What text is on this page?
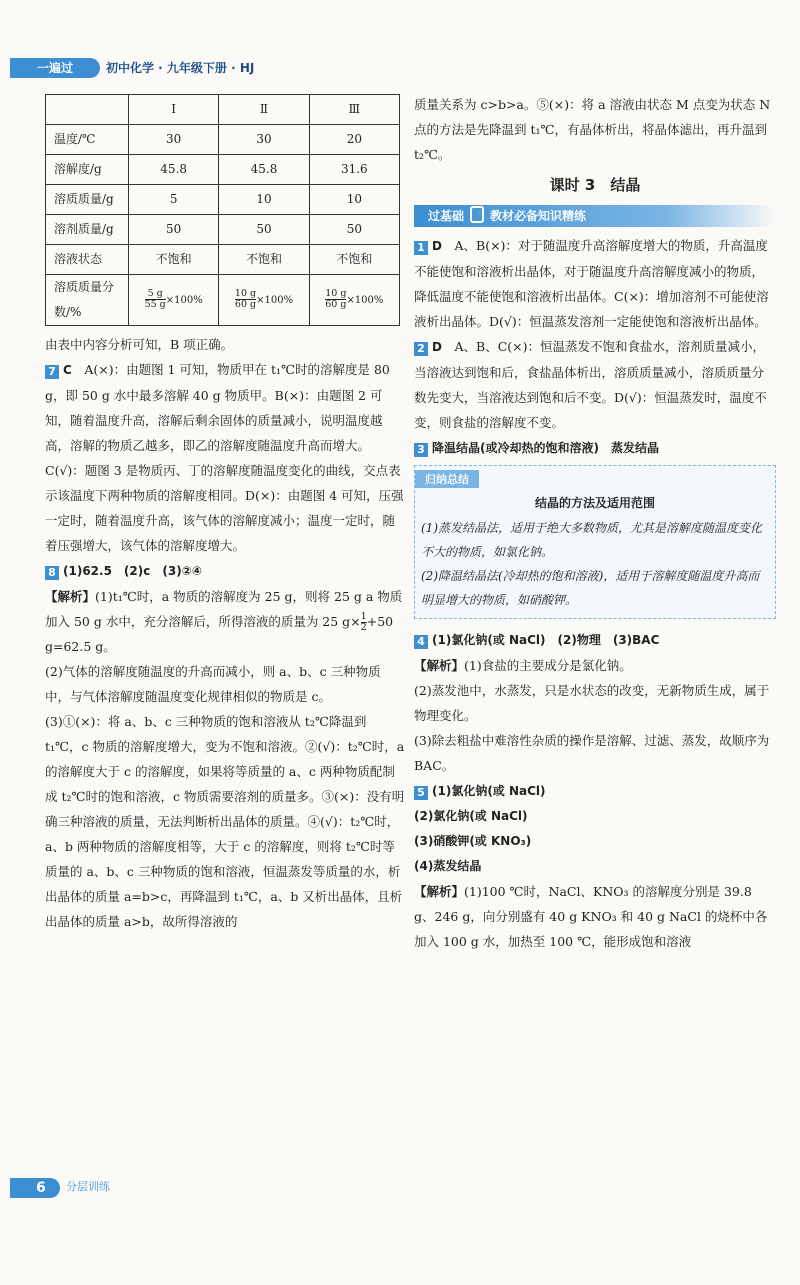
一遍过	初中化学 · 九年级下册 · HJ
	Ⅰ	Ⅱ	Ⅲ
温度/℃	30	30	20
溶解度/g	45.8	45.8	31.6
溶质质量/g	5	10	10
溶剂质量/g	50	50	50
溶液状态	不饱和	不饱和	不饱和
溶质质量分数/%	$\frac{5 g}{55 g}\times 100\%$	$\frac{10 g}{60 g}\times 100\%$	$\frac{10 g}{60 g}\times 100\%$

由表中内容分析可知，B 项正确。

7 C　 A(×)：由题图 1 可知，物质甲在 t₁℃时的溶解度是 80 g，即 50 g 水中最多溶解 40 g 物质甲。B(×)：由题图 2 可知，随着温度升高，溶解后剩余固体的质量减小，说明温度越高，溶解的物质乙越多，即乙的溶解度随温度升高而增大。C(√)：题图 3 是物质丙、丁的溶解度随温度变化的曲线，交点表示该温度下两种物质的溶解度相同。D(×)：由题图 4 可知，压强一定时，随着温度升高，该气体的溶解度减小；温度一定时，随着压强增大，该气体的溶解度增大。

8 (1)62.5　(2)c　(3)②④

【解析】(1)t₁℃时，a 物质的溶解度为 25 g，则将 25 g a 物质加入 50 g 水中，充分溶解后，所得溶液的质量为 25 $g\times \frac{1}{2}+50$ g=62.5 g。

(2)气体的溶解度随温度的升高而减小，则 a、b、c 三种物质中，与气体溶解度随温度变化规律相似的物质是 c。

(3)①(×)：将 a、b、c 三种物质的饱和溶液从 t₂℃降温到 t₁℃，c 物质的溶解度增大，变为不饱和溶液。②(√)：t₂℃时，a 的溶解度大于 c 的溶解度，如果将等质量的 a、c 两种物质配制成 t₂℃时的饱和溶液，c 物质需要溶剂的质量多。③(×)：没有明确三种溶液的质量，无法判断析出晶体的质量。④(√)：t₂℃时，a、b 两种物质的溶解度相等，大于 c 的溶解度，则将 t₂℃时等质量的 a、b、c 三种物质的饱和溶液，恒温蒸发等质量的水，析出晶体的质量 a=b>c，再降温到 t₁℃，a、b 又析出晶体，且析出晶体的质量 a>b，故所得溶液的

质量关系为 c>b>a。⑤(×)：将 a 溶液由状态 M 点变为状态 N 点的方法是先降温到 t₁℃，有晶体析出，将晶体滤出，再升温到 t₂℃。

课时 3　结晶
过基础 教材必备知识精练

1 D　 A、B(×)：对于随温度升高溶解度增大的物质，升高温度不能使饱和溶液析出晶体，对于随温度升高溶解度减小的物质，降低温度不能使饱和溶液析出晶体。C(×)：增加溶剂不可能使溶液析出晶体。D(√)：恒温蒸发溶剂一定能使饱和溶液析出晶体。

2 D　 A、B、C(×)：恒温蒸发不饱和食盐水，溶剂质量减小，当溶液达到饱和后，食盐晶体析出，溶质质量减小，溶质质量分数先变大，当溶液达到饱和后不变。D(√)：恒温蒸发时，温度不变，则食盐的溶解度不变。

3 降温结晶(或冷却热的饱和溶液)　蒸发结晶

归纳总结
结晶的方法及适用范围

(1)蒸发结晶法，适用于绝大多数物质，尤其是溶解度随温度变化不大的物质，如氯化钠。

(2)降温结晶法(冷却热的饱和溶液)，适用于溶解度随温度升高而明显增大的物质，如硝酸钾。

4 (1)氯化钠(或 NaCl)　(2)物理　(3)BAC

【解析】(1)食盐的主要成分是氯化钠。

(2)蒸发池中，水蒸发，只是水状态的改变，无新物质生成，属于物理变化。

(3)除去粗盐中难溶性杂质的操作是溶解、过滤、蒸发，故顺序为 BAC。

5 (1)氯化钠(或 NaCl)

(2)氯化钠(或 NaCl)

(3)硝酸钾(或 KNO₃)

(4)蒸发结晶

【解析】(1)100 ℃时，NaCl、KNO₃ 的溶解度分别是 39.8 g、246 g，向分别盛有 40 g KNO₃ 和 40 g NaCl 的烧杯中各加入 100 g 水，加热至 100 ℃，能形成饱和溶液

6	分层训练
